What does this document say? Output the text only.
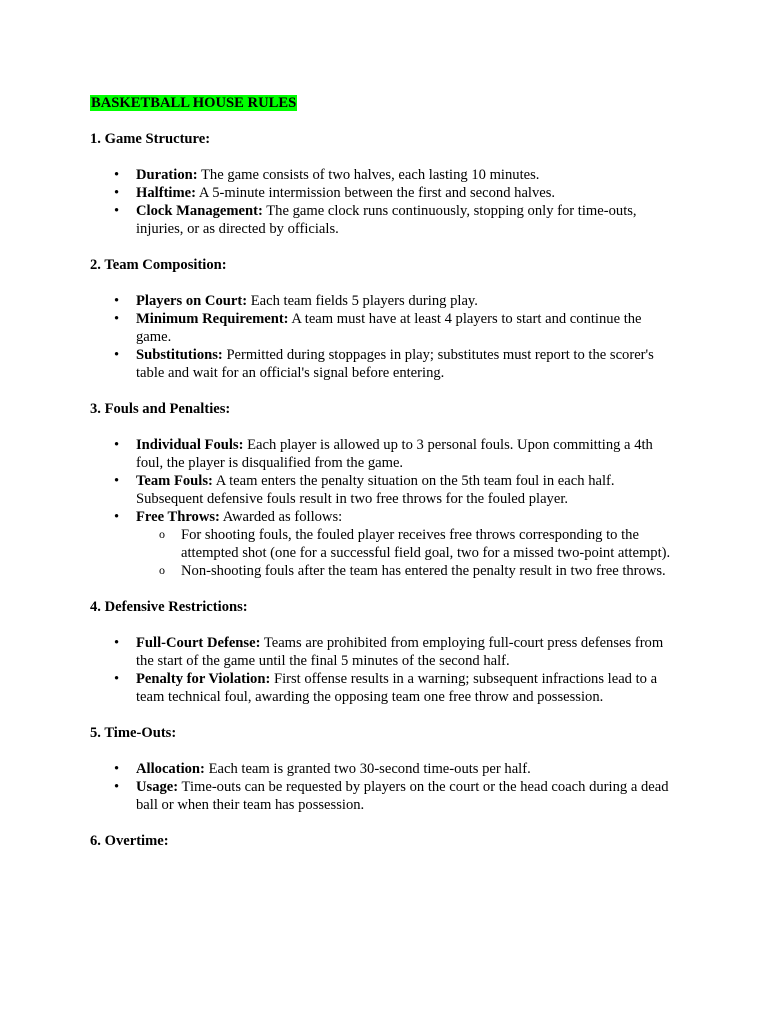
BASKETBALL HOUSE RULES

1. Game Structure:

• Duration: The game consists of two halves, each lasting 10 minutes.
• Halftime: A 5-minute intermission between the first and second halves.
• Clock Management: The game clock runs continuously, stopping only for time-outs, injuries, or as directed by officials.

2. Team Composition:

• Players on Court: Each team fields 5 players during play.
• Minimum Requirement: A team must have at least 4 players to start and continue the game.
• Substitutions: Permitted during stoppages in play; substitutes must report to the scorer's table and wait for an official's signal before entering.

3. Fouls and Penalties:

• Individual Fouls: Each player is allowed up to 3 personal fouls. Upon committing a 4th foul, the player is disqualified from the game.
• Team Fouls: A team enters the penalty situation on the 5th team foul in each half. Subsequent defensive fouls result in two free throws for the fouled player.
• Free Throws: Awarded as follows:
o For shooting fouls, the fouled player receives free throws corresponding to the attempted shot (one for a successful field goal, two for a missed two-point attempt).
o Non-shooting fouls after the team has entered the penalty result in two free throws.

4. Defensive Restrictions:

• Full-Court Defense: Teams are prohibited from employing full-court press defenses from the start of the game until the final 5 minutes of the second half.
• Penalty for Violation: First offense results in a warning; subsequent infractions lead to a team technical foul, awarding the opposing team one free throw and possession.

5. Time-Outs:

• Allocation: Each team is granted two 30-second time-outs per half.
• Usage: Time-outs can be requested by players on the court or the head coach during a dead ball or when their team has possession.

6. Overtime:
